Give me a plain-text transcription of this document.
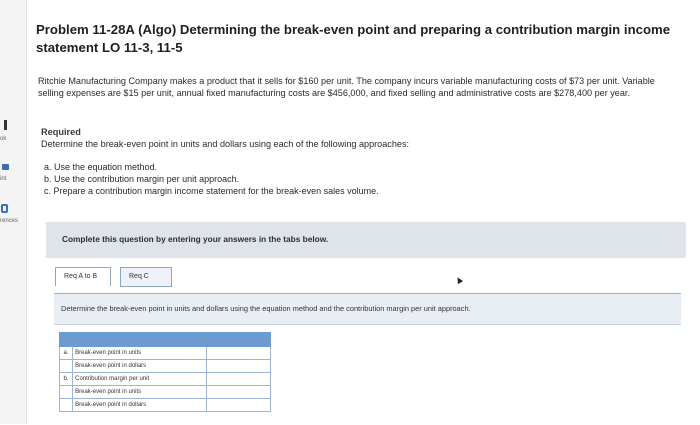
ok
int
rences
Problem 11-28A (Algo) Determining the break-even point and preparing a contribution margin income statement LO 11-3, 11-5
Ritchie Manufacturing Company makes a product that it sells for $160 per unit. The company incurs variable manufacturing costs of $73 per unit. Variable selling expenses are $15 per unit, annual fixed manufacturing costs are $456,000, and fixed selling and administrative costs are $278,400 per year.
Required
Determine the break-even point in units and dollars using each of the following approaches:
a. Use the equation method.
b. Use the contribution margin per unit approach.
c. Prepare a contribution margin income statement for the break-even sales volume.
Complete this question by entering your answers in the tabs below.
Req A to B	Req C
Determine the break-even point in units and dollars using the equation method and the contribution margin per unit approach.

a.	Break-even point in units	
	Break-even point in dollars	
b.	Contribution margin per unit	
	Break-even point in units	
	Break-even point in dollars	
